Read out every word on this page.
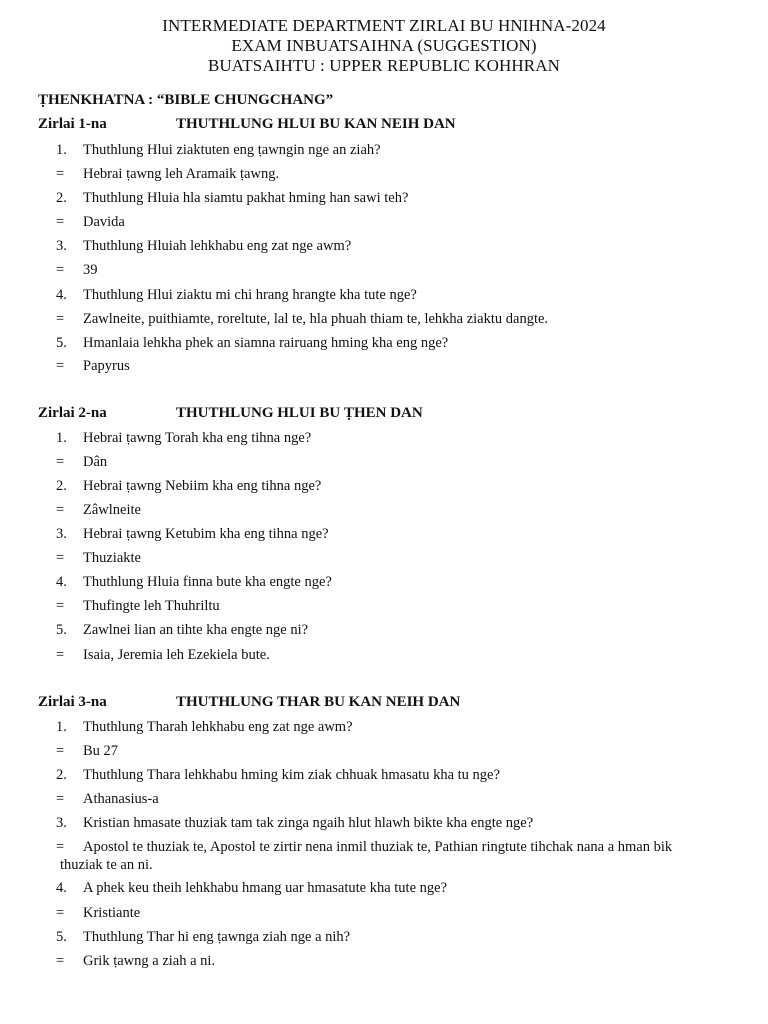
INTERMEDIATE DEPARTMENT ZIRLAI BU HNIHNA-2024
EXAM INBUATSAIHNA (SUGGESTION)
BUATSAIHTU : UPPER REPUBLIC KOHHRAN
ṬHENKHATNA : “BIBLE CHUNGCHANG”
Zirlai 1-na	THUTHLUNG HLUI BU KAN NEIH DAN
1.	Thuthlung Hlui ziaktuten eng ṭawngin nge an ziah?
=	Hebrai ṭawng leh Aramaik ṭawng.
2.	Thuthlung Hluia hla siamtu pakhat hming han sawi teh?
=	Davida
3.	Thuthlung Hluiah lehkhabu eng zat nge awm?
=	39
4.	Thuthlung Hlui ziaktu mi chi hrang hrangte kha tute nge?
=	Zawlneite, puithiamte, roreltute, lal te, hla phuah thiam te, lehkha ziaktu dangte.
5.	Hmanlaia lehkha phek an siamna rairuang hming kha eng nge?
=	Papyrus
Zirlai 2-na	THUTHLUNG HLUI BU ṬHEN DAN
1.	Hebrai ṭawng Torah kha eng tihna nge?
=	Dân
2.	Hebrai ṭawng Nebiim kha eng tihna nge?
=	Zâwlneite
3.	Hebrai ṭawng Ketubim kha eng tihna nge?
=	Thuziakte
4.	Thuthlung Hluia finna bute kha engte nge?
=	Thufingte leh Thuhriltu
5.	Zawlnei lian an tihte kha engte nge ni?
=	Isaia, Jeremia leh Ezekiela bute.
Zirlai 3-na	THUTHLUNG THAR BU KAN NEIH DAN
1.	Thuthlung Tharah lehkhabu eng zat nge awm?
=	Bu 27
2.	Thuthlung Thara lehkhabu hming kim ziak chhuak hmasatu kha tu nge?
=	Athanasius-a
3.	Kristian hmasate thuziak tam tak zinga ngaih hlut hlawh bikte kha engte nge?
=	Apostol te thuziak te, Apostol te zirtir nena inmil thuziak te, Pathian ringtute tihchak nana a hman bik
thuziak te an ni.
4.	A phek keu theih lehkhabu hmang uar hmasatute kha tute nge?
=	Kristiante
5.	Thuthlung Thar hi eng ṭawnga ziah nge a nih?
=	Grik ṭawng a ziah a ni.
